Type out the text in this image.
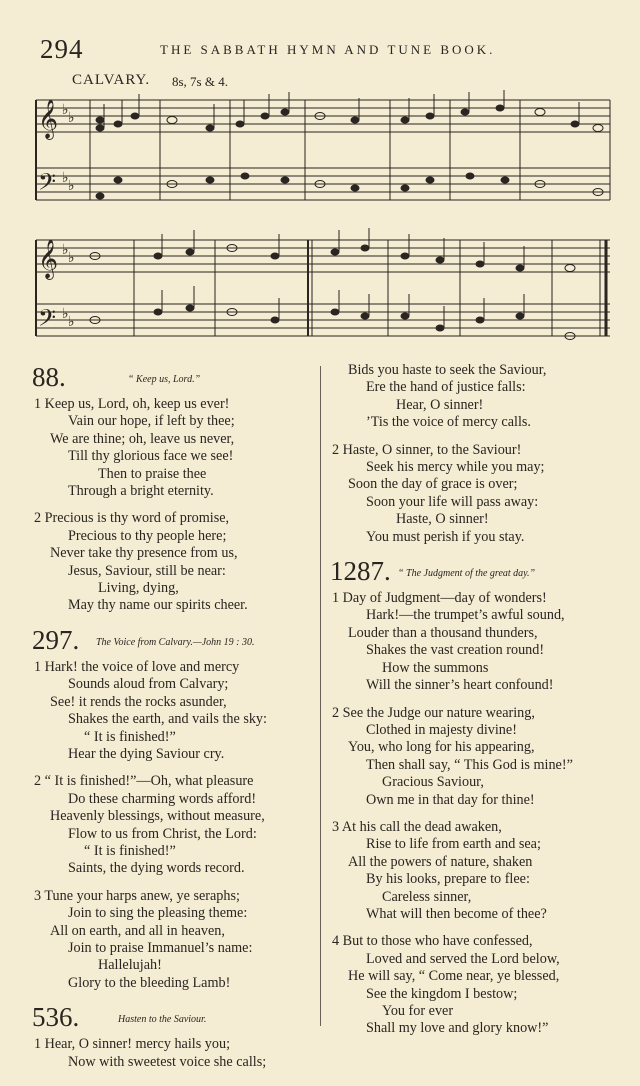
294	THE SABBATH HYMN AND TUNE BOOK.
CALVARY. 8s, 7s & 4.
𝄞
𝄢
𝄞
𝄢
♭ ♭
♭ ♭
♭ ♭
♭ ♭
88.	“ Keep us, Lord.”
1 Keep us, Lord, oh, keep us ever!
Vain our hope, if left by thee;
We are thine; oh, leave us never,
Till thy glorious face we see!
Then to praise thee
Through a bright eternity.
2 Precious is thy word of promise,
Precious to thy people here;
Never take thy presence from us,
Jesus, Saviour, still be near:
Living, dying,
May thy name our spirits cheer.
297. The Voice from Calvary.—John 19 : 30.
1 Hark! the voice of love and mercy
Sounds aloud from Calvary;
See! it rends the rocks asunder,
Shakes the earth, and vails the sky:
“ It is finished!”
Hear the dying Saviour cry.
2 “ It is finished!”—Oh, what pleasure
Do these charming words afford!
Heavenly blessings, without measure,
Flow to us from Christ, the Lord:
“ It is finished!”
Saints, the dying words record.
3 Tune your harps anew, ye seraphs;
Join to sing the pleasing theme:
All on earth, and all in heaven,
Join to praise Immanuel’s name:
Hallelujah!
Glory to the bleeding Lamb!
536.	Hasten to the Saviour.
1 Hear, O sinner! mercy hails you;
Now with sweetest voice she calls;
Bids you haste to seek the Saviour,
Ere the hand of justice falls:
Hear, O sinner!
’Tis the voice of mercy calls.
2 Haste, O sinner, to the Saviour!
Seek his mercy while you may;
Soon the day of grace is over;
Soon your life will pass away:
Haste, O sinner!
You must perish if you stay.
1287. “ The Judgment of the great day.”
1 Day of Judgment—day of wonders!
Hark!—the trumpet’s awful sound,
Louder than a thousand thunders,
Shakes the vast creation round!
How the summons
Will the sinner’s heart confound!
2 See the Judge our nature wearing,
Clothed in majesty divine!
You, who long for his appearing,
Then shall say, “ This God is mine!”
Gracious Saviour,
Own me in that day for thine!
3 At his call the dead awaken,
Rise to life from earth and sea;
All the powers of nature, shaken
By his looks, prepare to flee:
Careless sinner,
What will then become of thee?
4 But to those who have confessed,
Loved and served the Lord below,
He will say, “ Come near, ye blessed,
See the kingdom I bestow;
You for ever
Shall my love and glory know!”
